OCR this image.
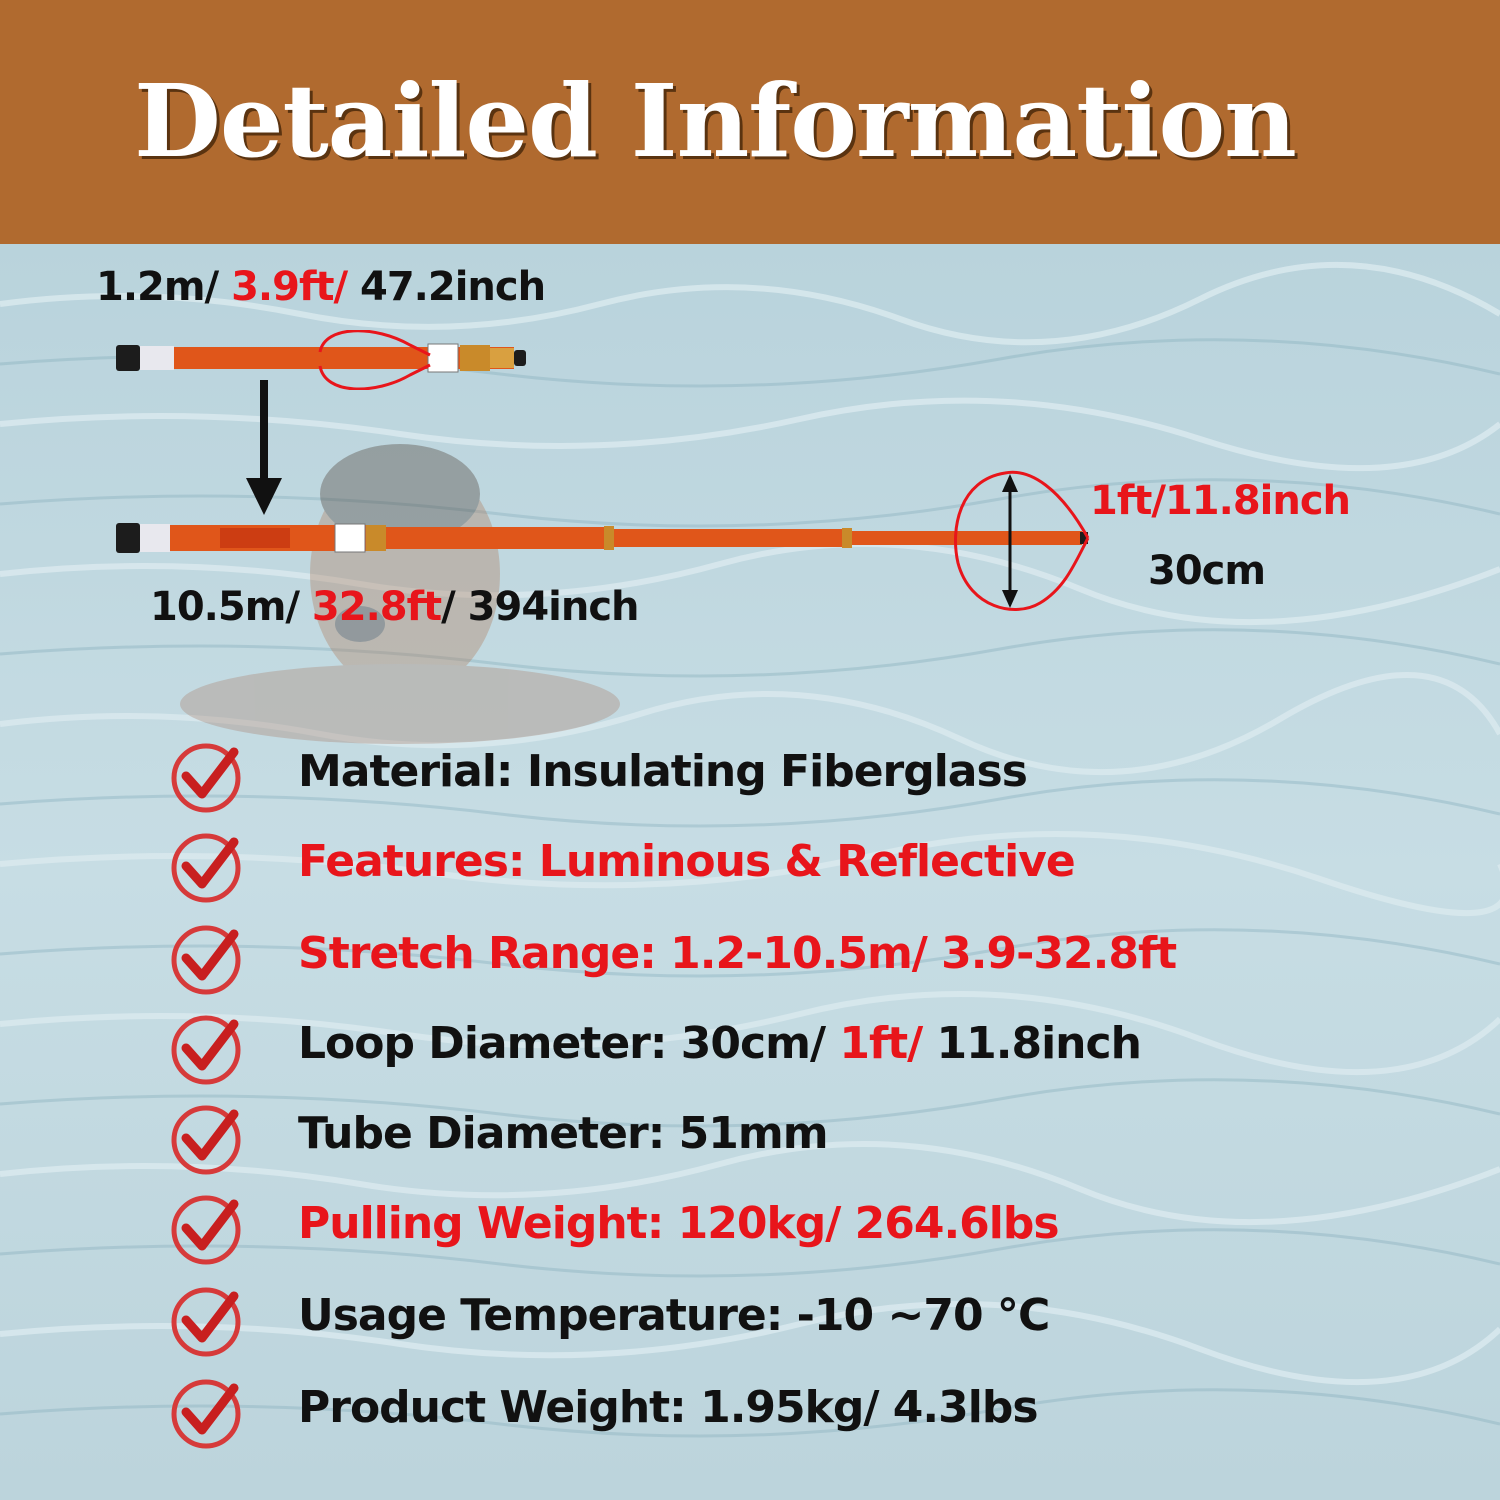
Detailed Information
1.2m/ 3.9ft/ 47.2inch
10.5m/ 32.8ft/ 394inch
1ft/11.8inch
30cm
Material: Insulating Fiberglass
Features: Luminous & Reflective
Stretch Range: 1.2-10.5m/ 3.9-32.8ft
Loop Diameter: 30cm/ 1ft/ 11.8inch
Tube Diameter: 51mm
Pulling Weight: 120kg/ 264.6lbs
Usage Temperature: -10 ~70 ℃
Product Weight: 1.95kg/ 4.3lbs
